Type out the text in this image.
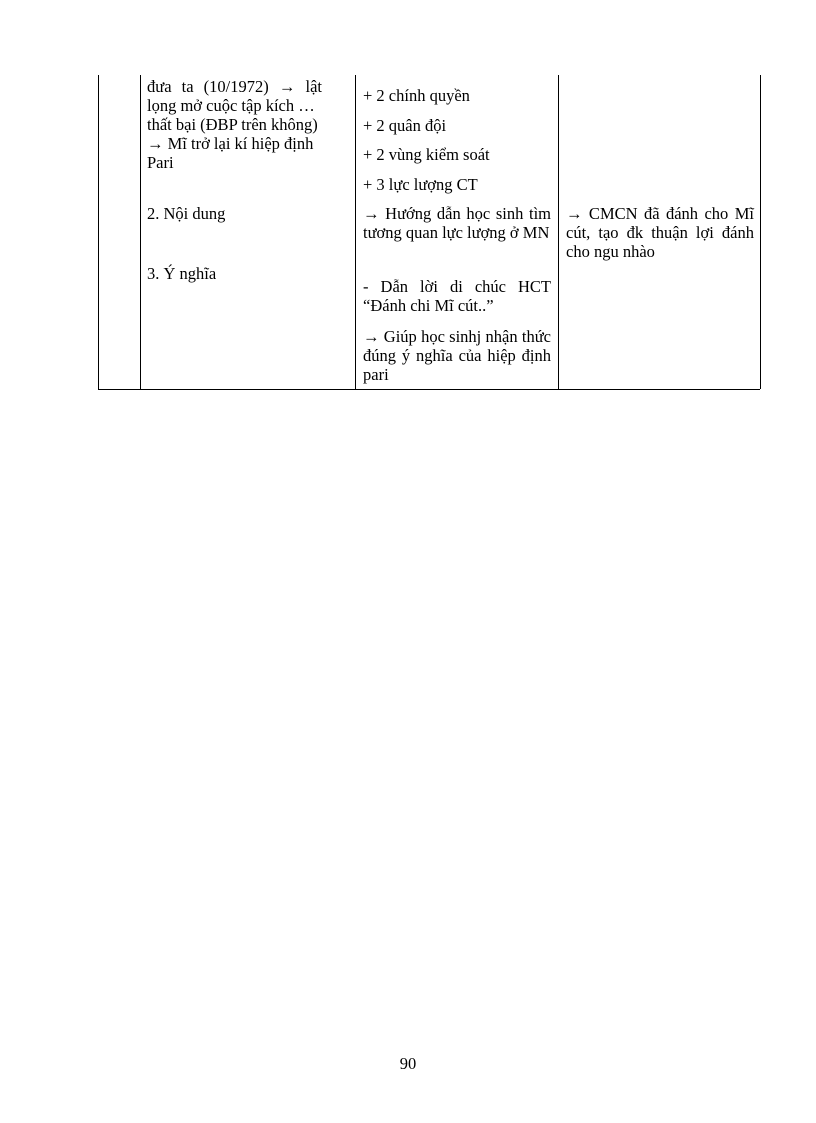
đưa ta (10/1972) → lật
lọng mở cuộc tập kích …
thất bại (ĐBP trên không)
→ Mĩ trở lại kí hiệp định
Pari
2. Nội dung
3. Ý nghĩa
+ 2 chính quyền
+ 2 quân đội
+ 2 vùng kiểm soát
+ 3 lực lượng CT
→ Hướng dẫn học sinh tìm tương quan lực lượng ở MN
- Dẫn lời di chúc HCT
“Đánh chi Mĩ cút..”
→ Giúp học sinhj nhận thức đúng ý nghĩa của hiệp định pari
→ CMCN đã đánh cho Mĩ cút, tạo đk thuận lợi đánh cho ngu nhào
90
